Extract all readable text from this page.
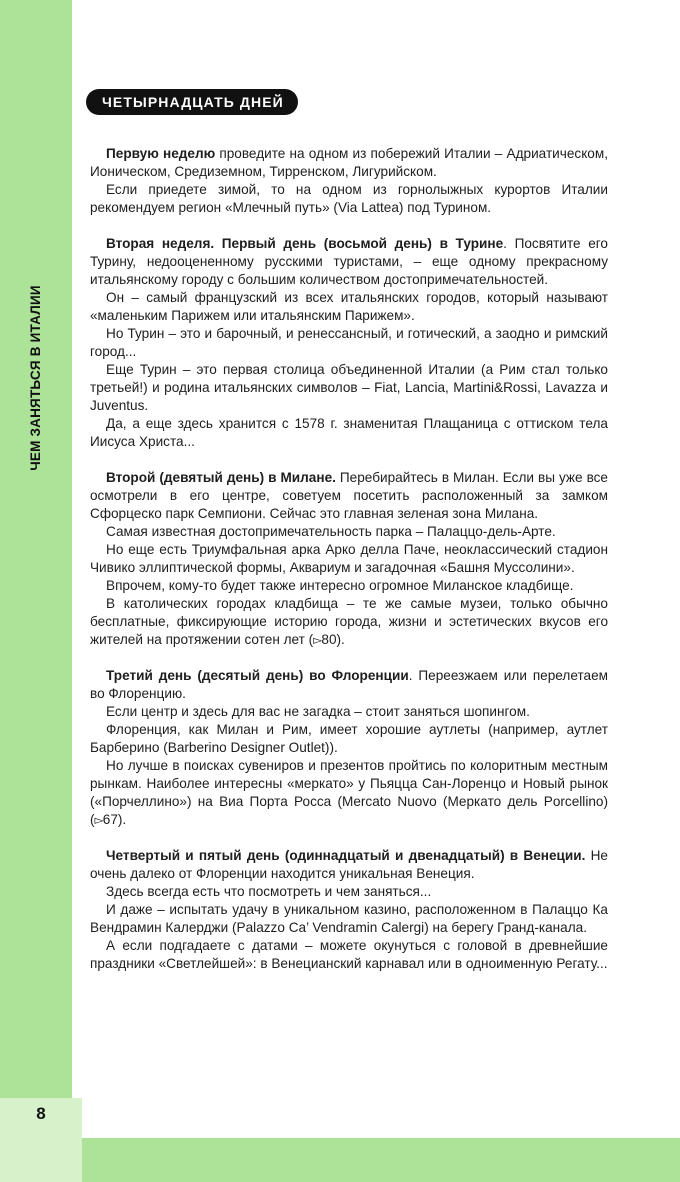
ЧЕМ ЗАНЯТЬСЯ В ИТАЛИИ
8
ЧЕТЫРНАДЦАТЬ ДНЕЙ

Первую неделю проведите на одном из побережий Италии – Адриатическом, Ионическом, Средиземном, Тирренском, Лигурийском.

Если приедете зимой, то на одном из горнолыжных курортов Италии рекомендуем регион «Млечный путь» (Via Lattea) под Турином.

Вторая неделя. Первый день (восьмой день) в Турине. Посвятите его Турину, недооцененному русскими туристами, – еще одному прекрасному итальянскому городу с большим количеством достопримечательностей.

Он – самый французский из всех итальянских городов, который называют «маленьким Парижем или итальянским Парижем».

Но Турин – это и барочный, и ренессансный, и готический, а заодно и римский город...

Еще Турин – это первая столица объединенной Италии (а Рим стал только третьей!) и родина итальянских символов – Fiat, Lancia, Martini&Rossi, Lavazza и Juventus.

Да, а еще здесь хранится с 1578 г. знаменитая Плащаница с оттиском тела Иисуса Христа...

Второй (девятый день) в Милане. Перебирайтесь в Милан. Если вы уже все осмотрели в его центре, советуем посетить расположенный за замком Сфорцеско парк Семпиони. Сейчас это главная зеленая зона Милана.

Самая известная достопримечательность парка – Палаццо-дель-Арте.

Но еще есть Триумфальная арка Арко делла Паче, неоклассический стадион Чивико эллиптической формы, Аквариум и загадочная «Башня Муссолини».

Впрочем, кому-то будет также интересно огромное Миланское кладбище.

В католических городах кладбища – те же самые музеи, только обычно бесплатные, фиксирующие историю города, жизни и эстетических вкусов его жителей на протяжении сотен лет (▻80).

Третий день (десятый день) во Флоренции. Переезжаем или перелетаем во Флоренцию.

Если центр и здесь для вас не загадка – стоит заняться шопингом.

Флоренция, как Милан и Рим, имеет хорошие аутлеты (например, аутлет Барберино (Barberino Designer Outlet)).

Но лучше в поисках сувениров и презентов пройтись по колоритным местным рынкам. Наиболее интересны «меркато» у Пьяцца Сан-Лоренцо и Новый рынок («Порчеллино») на Виа Порта Росса (Mercato Nuovo (Меркато дель Porcellino) (▻67).

Четвертый и пятый день (одиннадцатый и двенадцатый) в Венеции. Не очень далеко от Флоренции находится уникальная Венеция.

Здесь всегда есть что посмотреть и чем заняться...

И даже – испытать удачу в уникальном казино, расположенном в Палаццо Ка Вендрамин Калерджи (Palazzo Ca’ Vendramin Calergi) на берегу Гранд-канала.

А если подгадаете с датами – можете окунуться с головой в древнейшие праздники «Светлейшей»: в Венецианский карнавал или в одноименную Регату...
